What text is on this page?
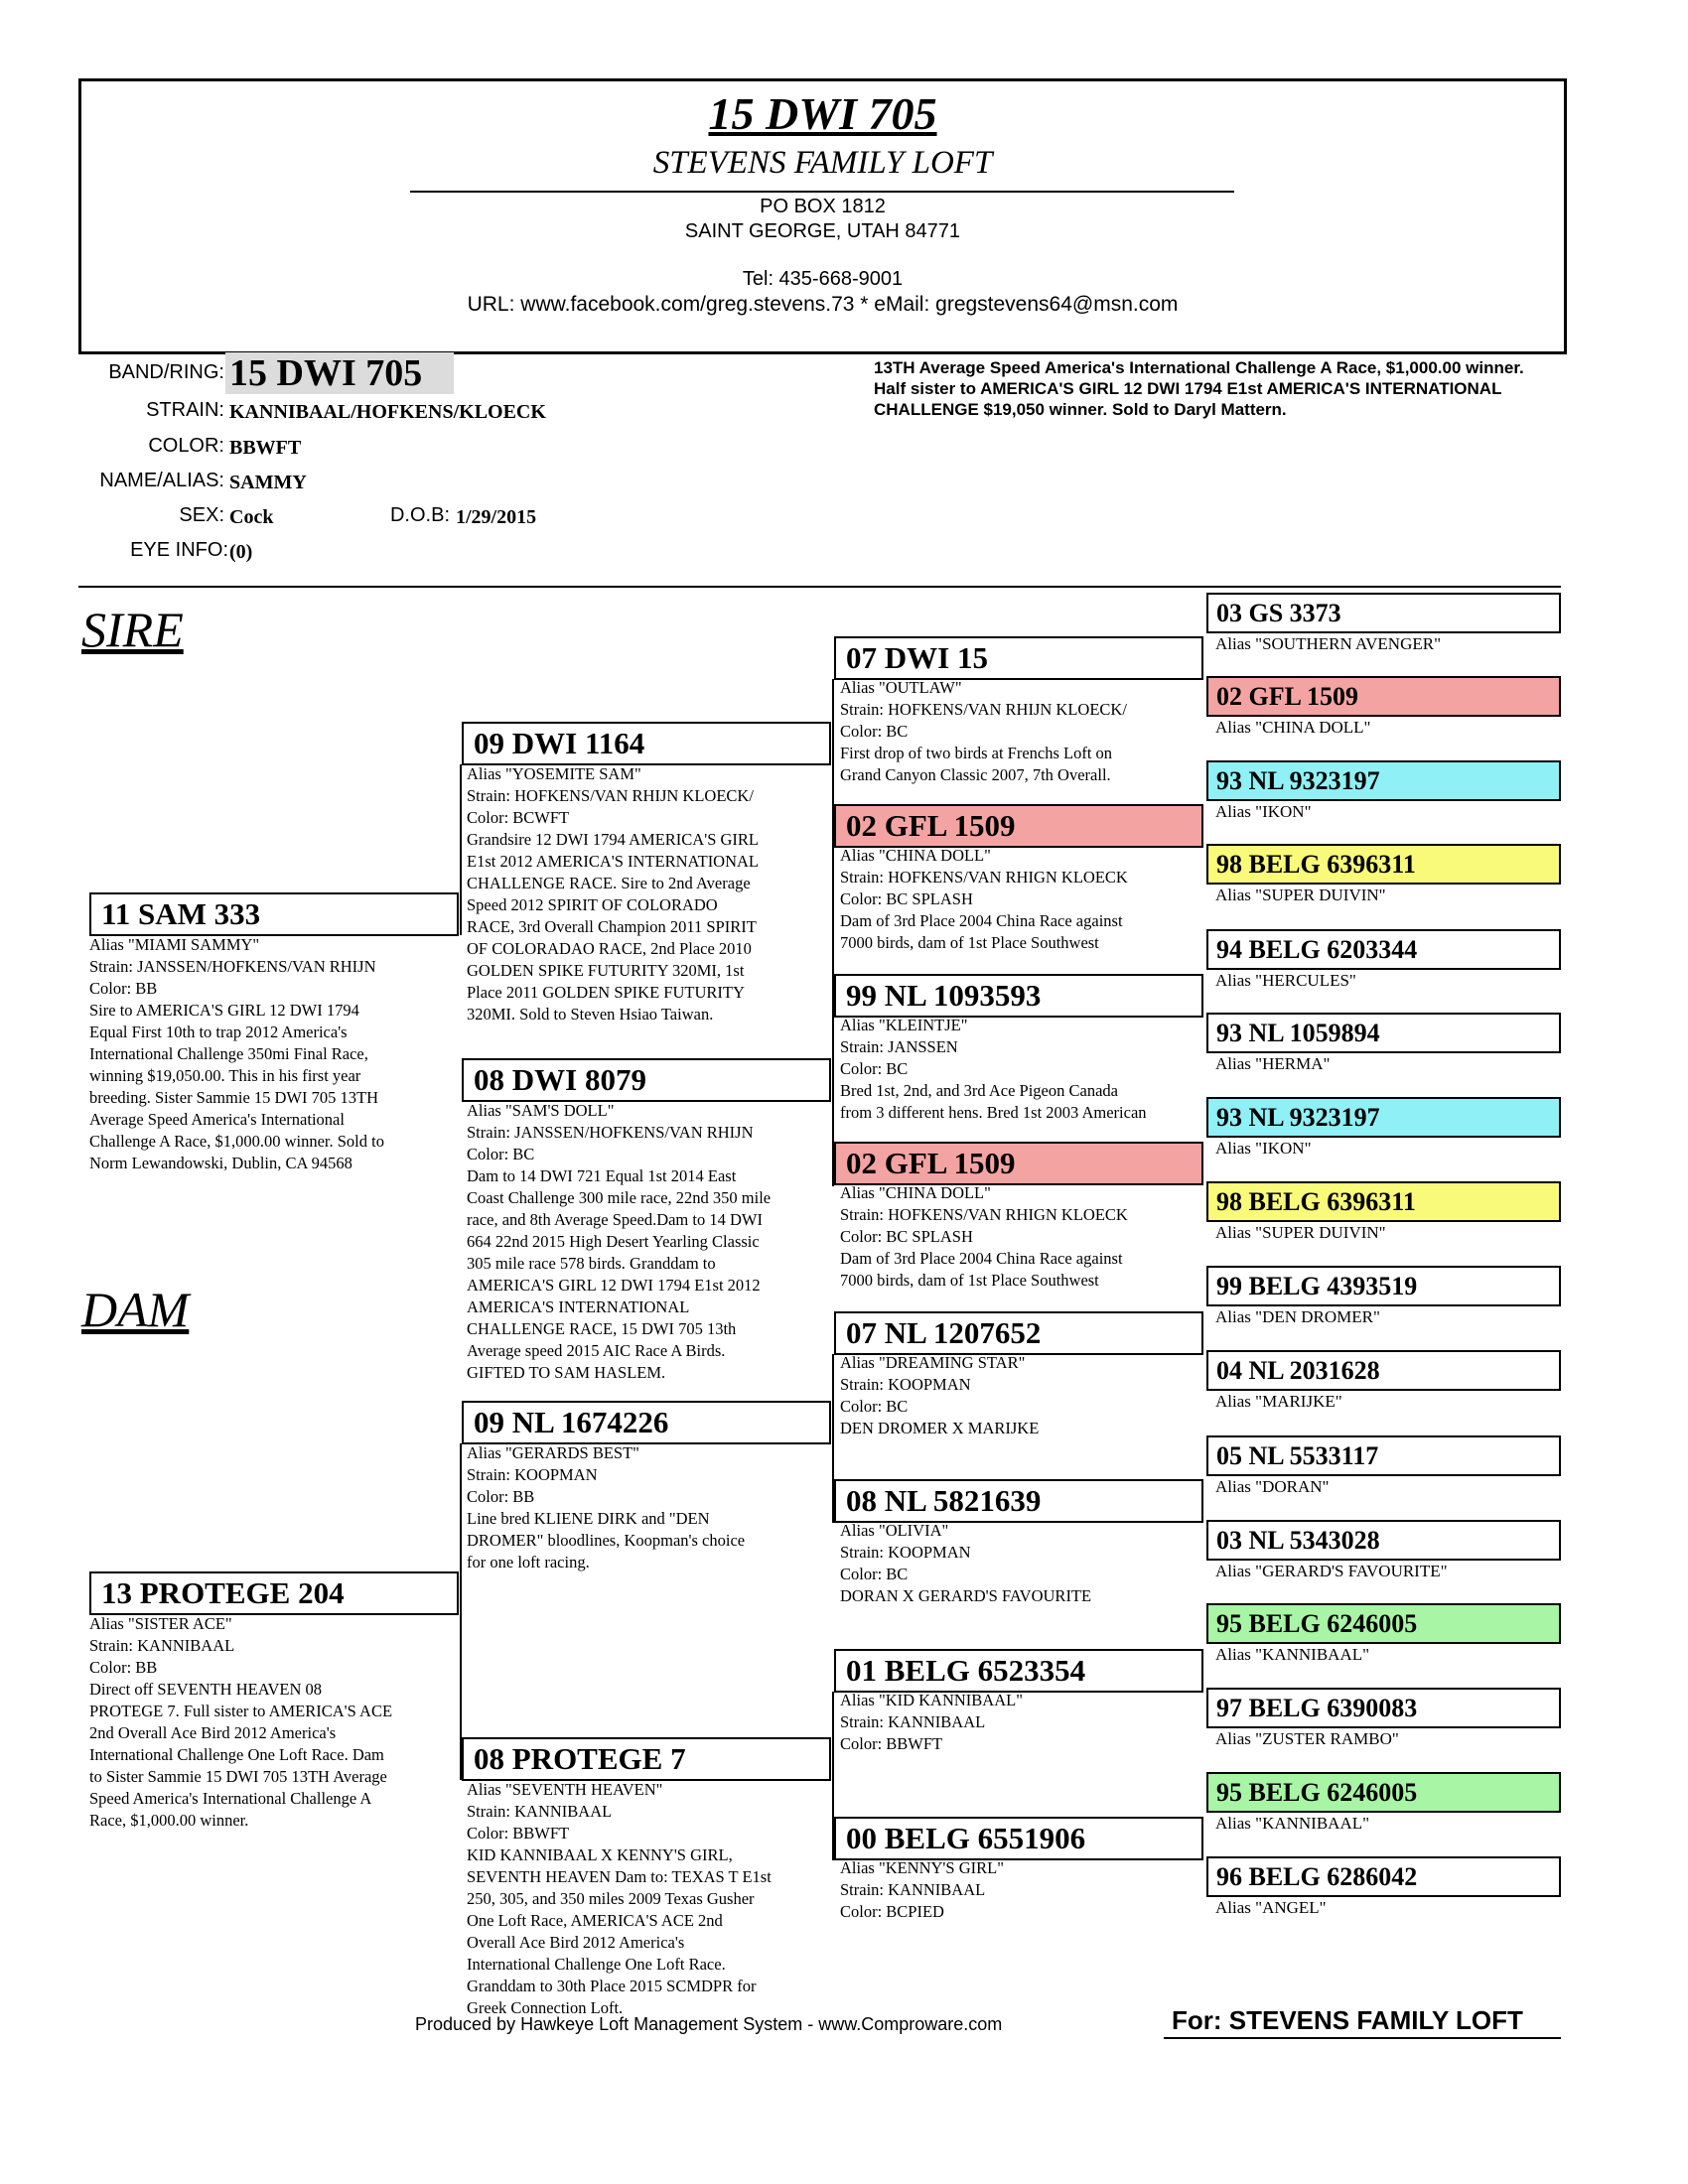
15 DWI 705
STEVENS FAMILY LOFT
PO BOX 1812
SAINT GEORGE, UTAH 84771
Tel: 435-668-9001
URL: www.facebook.com/greg.stevens.73 * eMail: gregstevens64@msn.com
BAND/RING: 15 DWI 705
STRAIN: KANNIBAAL/HOFKENS/KLOECK
COLOR: BBWFT
NAME/ALIAS: SAMMY
SEX: Cock	D.O.B: 1/29/2015
EYE INFO: (0)
13TH Average Speed America's International Challenge A Race, $1,000.00 winner. Half sister to AMERICA'S GIRL 12 DWI 1794 E1st AMERICA'S INTERNATIONAL CHALLENGE $19,050 winner. Sold to Daryl Mattern.
SIRE
DAM
11 SAM 333
Alias "MIAMI SAMMY"
Strain: JANSSEN/HOFKENS/VAN RHIJN
Color: BB
Sire to AMERICA'S GIRL 12 DWI 1794
Equal First 10th to trap 2012 America's
International Challenge 350mi Final Race,
winning $19,050.00. This in his first year
breeding. Sister Sammie 15 DWI 705 13TH
Average Speed America's International
Challenge A Race, $1,000.00 winner. Sold to
Norm Lewandowski, Dublin, CA 94568
13 PROTEGE 204
Alias "SISTER ACE"
Strain: KANNIBAAL
Color: BB
Direct off SEVENTH HEAVEN 08
PROTEGE 7. Full sister to AMERICA'S ACE
2nd Overall Ace Bird 2012 America's
International Challenge One Loft Race. Dam
to Sister Sammie 15 DWI 705 13TH Average
Speed America's International Challenge A
Race, $1,000.00 winner.
09 DWI 1164
Alias "YOSEMITE SAM"
Strain: HOFKENS/VAN RHIJN KLOECK/
Color: BCWFT
Grandsire 12 DWI 1794 AMERICA'S GIRL
E1st 2012 AMERICA'S INTERNATIONAL
CHALLENGE RACE. Sire to 2nd Average
Speed 2012 SPIRIT OF COLORADO
RACE, 3rd Overall Champion 2011 SPIRIT
OF COLORADAO RACE, 2nd Place 2010
GOLDEN SPIKE FUTURITY 320MI, 1st
Place 2011 GOLDEN SPIKE FUTURITY
320MI. Sold to Steven Hsiao Taiwan.
08 DWI 8079
Alias "SAM'S DOLL"
Strain: JANSSEN/HOFKENS/VAN RHIJN
Color: BC
Dam to 14 DWI 721 Equal 1st 2014 East
Coast Challenge 300 mile race, 22nd 350 mile
race, and 8th Average Speed.Dam to 14 DWI
664 22nd 2015 High Desert Yearling Classic
305 mile race 578 birds. Granddam to
AMERICA'S GIRL 12 DWI 1794 E1st 2012
AMERICA'S INTERNATIONAL
CHALLENGE RACE, 15 DWI 705 13th
Average speed 2015 AIC Race A Birds.
GIFTED TO SAM HASLEM.
09 NL 1674226
Alias "GERARDS BEST"
Strain: KOOPMAN
Color: BB
Line bred KLIENE DIRK and "DEN
DROMER" bloodlines, Koopman's choice
for one loft racing.
08 PROTEGE 7
Alias "SEVENTH HEAVEN"
Strain: KANNIBAAL
Color: BBWFT
KID KANNIBAAL X KENNY'S GIRL,
SEVENTH HEAVEN Dam to: TEXAS T E1st
250, 305, and 350 miles 2009 Texas Gusher
One Loft Race, AMERICA'S ACE 2nd
Overall Ace Bird 2012 America's
International Challenge One Loft Race.
Granddam to 30th Place 2015 SCMDPR for
Greek Connection Loft.
07 DWI 15
Alias "OUTLAW"
Strain: HOFKENS/VAN RHIJN KLOECK/
Color: BC
First drop of two birds at Frenchs Loft on
Grand Canyon Classic 2007, 7th Overall.
02 GFL 1509
Alias "CHINA DOLL"
Strain: HOFKENS/VAN RHIGN KLOECK
Color: BC SPLASH
Dam of 3rd Place 2004 China Race against
7000 birds, dam of 1st Place Southwest
99 NL 1093593
Alias "KLEINTJE"
Strain: JANSSEN
Color: BC
Bred 1st, 2nd, and 3rd Ace Pigeon Canada
from 3 different hens. Bred 1st 2003 American
02 GFL 1509
Alias "CHINA DOLL"
Strain: HOFKENS/VAN RHIGN KLOECK
Color: BC SPLASH
Dam of 3rd Place 2004 China Race against
7000 birds, dam of 1st Place Southwest
07 NL 1207652
Alias "DREAMING STAR"
Strain: KOOPMAN
Color: BC
DEN DROMER X MARIJKE
08 NL 5821639
Alias "OLIVIA"
Strain: KOOPMAN
Color: BC
DORAN X GERARD'S FAVOURITE
01 BELG 6523354
Alias "KID KANNIBAAL"
Strain: KANNIBAAL
Color: BBWFT
00 BELG 6551906
Alias "KENNY'S GIRL"
Strain: KANNIBAAL
Color: BCPIED
03 GS 3373
Alias "SOUTHERN AVENGER"
02 GFL 1509
Alias "CHINA DOLL"
93 NL 9323197
Alias "IKON"
98 BELG 6396311
Alias "SUPER DUIVIN"
94 BELG 6203344
Alias "HERCULES"
93 NL 1059894
Alias "HERMA"
93 NL 9323197
Alias "IKON"
98 BELG 6396311
Alias "SUPER DUIVIN"
99 BELG 4393519
Alias "DEN DROMER"
04 NL 2031628
Alias "MARIJKE"
05 NL 5533117
Alias "DORAN"
03 NL 5343028
Alias "GERARD'S FAVOURITE"
95 BELG 6246005
Alias "KANNIBAAL"
97 BELG 6390083
Alias "ZUSTER RAMBO"
95 BELG 6246005
Alias "KANNIBAAL"
96 BELG 6286042
Alias "ANGEL"
Produced by Hawkeye Loft Management System - www.Comproware.com	For: STEVENS FAMILY LOFT
